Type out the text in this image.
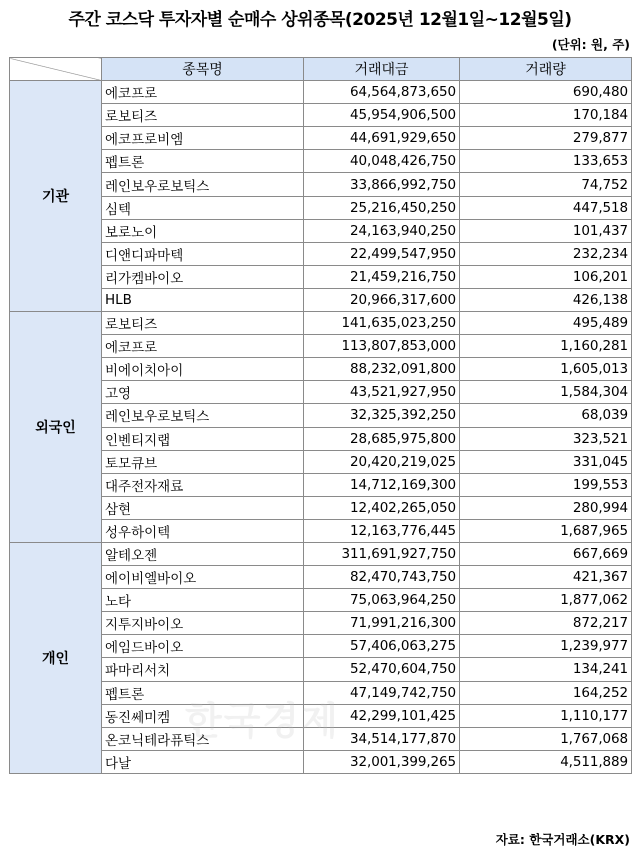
주간 코스닥 투자자별 순매수 상위종목(2025년 12월1일~12월5일)
(단위: 원, 주)
	종목명	거래대금	거래량
기관	에코프로	64,564,873,650	690,480
	로보티즈	45,954,906,500	170,184
	에코프로비엠	44,691,929,650	279,877
	펩트론	40,048,426,750	133,653
	레인보우로보틱스	33,866,992,750	74,752
	심텍	25,216,450,250	447,518
	보로노이	24,163,940,250	101,437
	디앤디파마텍	22,499,547,950	232,234
	리가켐바이오	21,459,216,750	106,201
	HLB	20,966,317,600	426,138
외국인	로보티즈	141,635,023,250	495,489
	에코프로	113,807,853,000	1,160,281
	비에이치아이	88,232,091,800	1,605,013
	고영	43,521,927,950	1,584,304
	레인보우로보틱스	32,325,392,250	68,039
	인벤티지랩	28,685,975,800	323,521
	토모큐브	20,420,219,025	331,045
	대주전자재료	14,712,169,300	199,553
	삼현	12,402,265,050	280,994
	성우하이텍	12,163,776,445	1,687,965
개인	알테오젠	311,691,927,750	667,669
	에이비엘바이오	82,470,743,750	421,367
	노타	75,063,964,250	1,877,062
	지투지바이오	71,991,216,300	872,217
	에임드바이오	57,406,063,275	1,239,977
	파마리서치	52,470,604,750	134,241
	펩트론	47,149,742,750	164,252
	동진쎄미켐	42,299,101,425	1,110,177
	온코닉테라퓨틱스	34,514,177,870	1,767,068
	다날	32,001,399,265	4,511,889
한국경제
자료: 한국거래소(KRX)
